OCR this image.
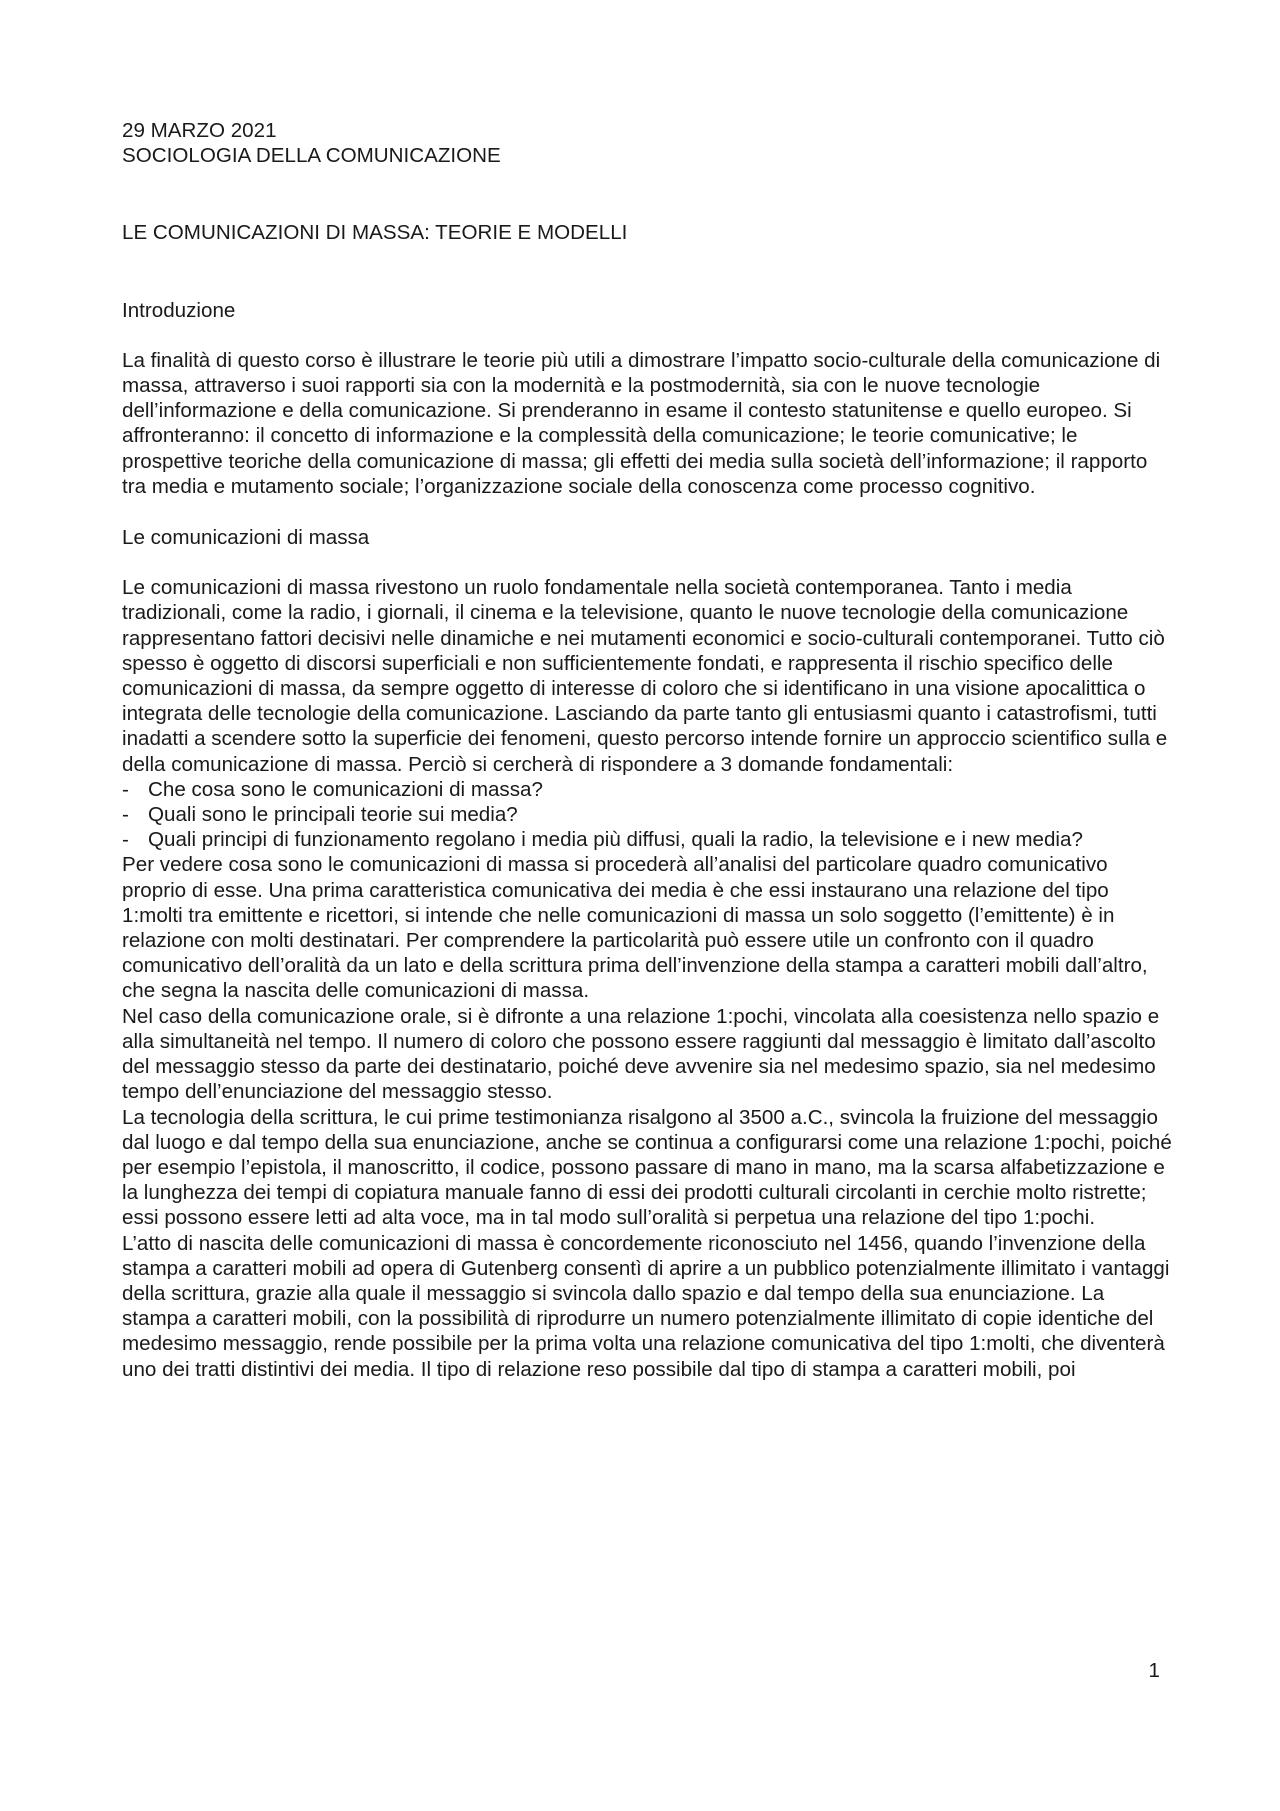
29 MARZO 2021

SOCIOLOGIA DELLA COMUNICAZIONE

LE COMUNICAZIONI DI MASSA: TEORIE E MODELLI

Introduzione

La finalità di questo corso è illustrare le teorie più utili a dimostrare l’impatto socio-culturale della comunicazione di massa, attraverso i suoi rapporti sia con la modernità e la postmodernità, sia con le nuove tecnologie dell’informazione e della comunicazione. Si prenderanno in esame il contesto statunitense e quello europeo. Si affronteranno: il concetto di informazione e la complessità della comunicazione; le teorie comunicative; le prospettive teoriche della comunicazione di massa; gli effetti dei media sulla società dell’informazione; il rapporto tra media e mutamento sociale; l’organizzazione sociale della conoscenza come processo cognitivo.

Le comunicazioni di massa

Le comunicazioni di massa rivestono un ruolo fondamentale nella società contemporanea. Tanto i media tradizionali, come la radio, i giornali, il cinema e la televisione, quanto le nuove tecnologie della comunicazione rappresentano fattori decisivi nelle dinamiche e nei mutamenti economici e socio-culturali contemporanei. Tutto ciò spesso è oggetto di discorsi superficiali e non sufficientemente fondati, e rappresenta il rischio specifico delle comunicazioni di massa, da sempre oggetto di interesse di coloro che si identificano in una visione apocalittica o integrata delle tecnologie della comunicazione. Lasciando da parte tanto gli entusiasmi quanto i catastrofismi, tutti inadatti a scendere sotto la superficie dei fenomeni, questo percorso intende fornire un approccio scientifico sulla e della comunicazione di massa. Perciò si cercherà di rispondere a 3 domande fondamentali:

- Che cosa sono le comunicazioni di massa?
- Quali sono le principali teorie sui media?
- Quali principi di funzionamento regolano i media più diffusi, quali la radio, la televisione e i new media?

Per vedere cosa sono le comunicazioni di massa si procederà all’analisi del particolare quadro comunicativo proprio di esse. Una prima caratteristica comunicativa dei media è che essi instaurano una relazione del tipo 1:molti tra emittente e ricettori, si intende che nelle comunicazioni di massa un solo soggetto (l’emittente) è in relazione con molti destinatari. Per comprendere la particolarità può essere utile un confronto con il quadro comunicativo dell’oralità da un lato e della scrittura prima dell’invenzione della stampa a caratteri mobili dall’altro, che segna la nascita delle comunicazioni di massa.

Nel caso della comunicazione orale, si è difronte a una relazione 1:pochi, vincolata alla coesistenza nello spazio e alla simultaneità nel tempo. Il numero di coloro che possono essere raggiunti dal messaggio è limitato dall’ascolto del messaggio stesso da parte dei destinatario, poiché deve avvenire sia nel medesimo spazio, sia nel medesimo tempo dell’enunciazione del messaggio stesso.

La tecnologia della scrittura, le cui prime testimonianza risalgono al 3500 a.C., svincola la fruizione del messaggio dal luogo e dal tempo della sua enunciazione, anche se continua a configurarsi come una relazione 1:pochi, poiché per esempio l’epistola, il manoscritto, il codice, possono passare di mano in mano, ma la scarsa alfabetizzazione e la lunghezza dei tempi di copiatura manuale fanno di essi dei prodotti culturali circolanti in cerchie molto ristrette; essi possono essere letti ad alta voce, ma in tal modo sull’oralità si perpetua una relazione del tipo 1:pochi.

L’atto di nascita delle comunicazioni di massa è concordemente riconosciuto nel 1456, quando l’invenzione della stampa a caratteri mobili ad opera di Gutenberg consentì di aprire a un pubblico potenzialmente illimitato i vantaggi della scrittura, grazie alla quale il messaggio si svincola dallo spazio e dal tempo della sua enunciazione. La stampa a caratteri mobili, con la possibilità di riprodurre un numero potenzialmente illimitato di copie identiche del medesimo messaggio, rende possibile per la prima volta una relazione comunicativa del tipo 1:molti, che diventerà uno dei tratti distintivi dei media. Il tipo di relazione reso possibile dal tipo di stampa a caratteri mobili, poi

1
